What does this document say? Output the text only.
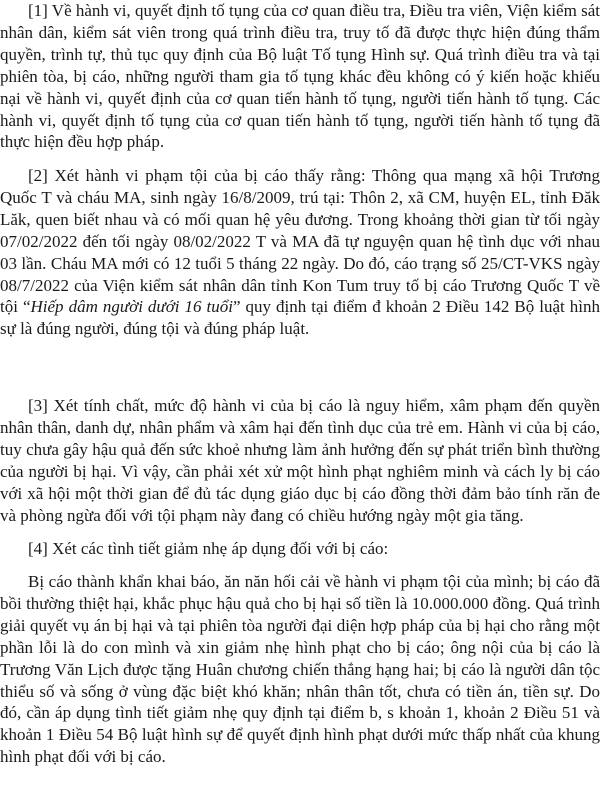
[1] Về hành vi, quyết định tố tụng của cơ quan điều tra, Điều tra viên, Viện kiểm sát nhân dân, kiểm sát viên trong quá trình điều tra, truy tố đã được thực hiện đúng thẩm quyền, trình tự, thủ tục quy định của Bộ luật Tố tụng Hình sự. Quá trình điều tra và tại phiên tòa, bị cáo, những người tham gia tố tụng khác đều không có ý kiến hoặc khiếu nại về hành vi, quyết định của cơ quan tiến hành tố tụng, người tiến hành tố tụng. Các hành vi, quyết định tố tụng của cơ quan tiến hành tố tụng, người tiến hành tố tụng đã thực hiện đều hợp pháp.

[2] Xét hành vi phạm tội của bị cáo thấy rằng: Thông qua mạng xã hội Trương Quốc T và cháu MA, sinh ngày 16/8/2009, trú tại: Thôn 2, xã CM, huyện EL, tỉnh Đăk Lăk, quen biết nhau và có mối quan hệ yêu đương. Trong khoảng thời gian từ tối ngày 07/02/2022 đến tối ngày 08/02/2022 T và MA đã tự nguyện quan hệ tình dục với nhau 03 lần. Cháu MA mới có 12 tuổi 5 tháng 22 ngày. Do đó, cáo trạng số 25/CT-VKS ngày 08/7/2022 của Viện kiểm sát nhân dân tỉnh Kon Tum truy tố bị cáo Trương Quốc T về tội “Hiếp dâm người dưới 16 tuổi” quy định tại điểm đ khoản 2 Điều 142 Bộ luật hình sự là đúng người, đúng tội và đúng pháp luật.

[3] Xét tính chất, mức độ hành vi của bị cáo là nguy hiểm, xâm phạm đến quyền nhân thân, danh dự, nhân phẩm và xâm hại đến tình dục của trẻ em. Hành vi của bị cáo, tuy chưa gây hậu quả đến sức khoẻ nhưng làm ảnh hưởng đến sự phát triển bình thường của người bị hại. Vì vậy, cần phải xét xử một hình phạt nghiêm minh và cách ly bị cáo với xã hội một thời gian để đủ tác dụng giáo dục bị cáo đồng thời đảm bảo tính răn đe và phòng ngừa đối với tội phạm này đang có chiều hướng ngày một gia tăng.

[4] Xét các tình tiết giảm nhẹ áp dụng đối với bị cáo:

Bị cáo thành khẩn khai báo, ăn năn hối cải về hành vi phạm tội của mình; bị cáo đã bồi thường thiệt hại, khắc phục hậu quả cho bị hại số tiền là 10.000.000 đồng. Quá trình giải quyết vụ án bị hại và tại phiên tòa người đại diện hợp pháp của bị hại cho rằng một phần lỗi là do con mình và xin giảm nhẹ hình phạt cho bị cáo; ông nội của bị cáo là Trương Văn Lịch được tặng Huân chương chiến thắng hạng hai; bị cáo là người dân tộc thiểu số và sống ở vùng đặc biệt khó khăn; nhân thân tốt, chưa có tiền án, tiền sự. Do đó, cần áp dụng tình tiết giảm nhẹ quy định tại điểm b, s khoản 1, khoản 2 Điều 51 và khoản 1 Điều 54 Bộ luật hình sự để quyết định hình phạt dưới mức thấp nhất của khung hình phạt đối với bị cáo.
